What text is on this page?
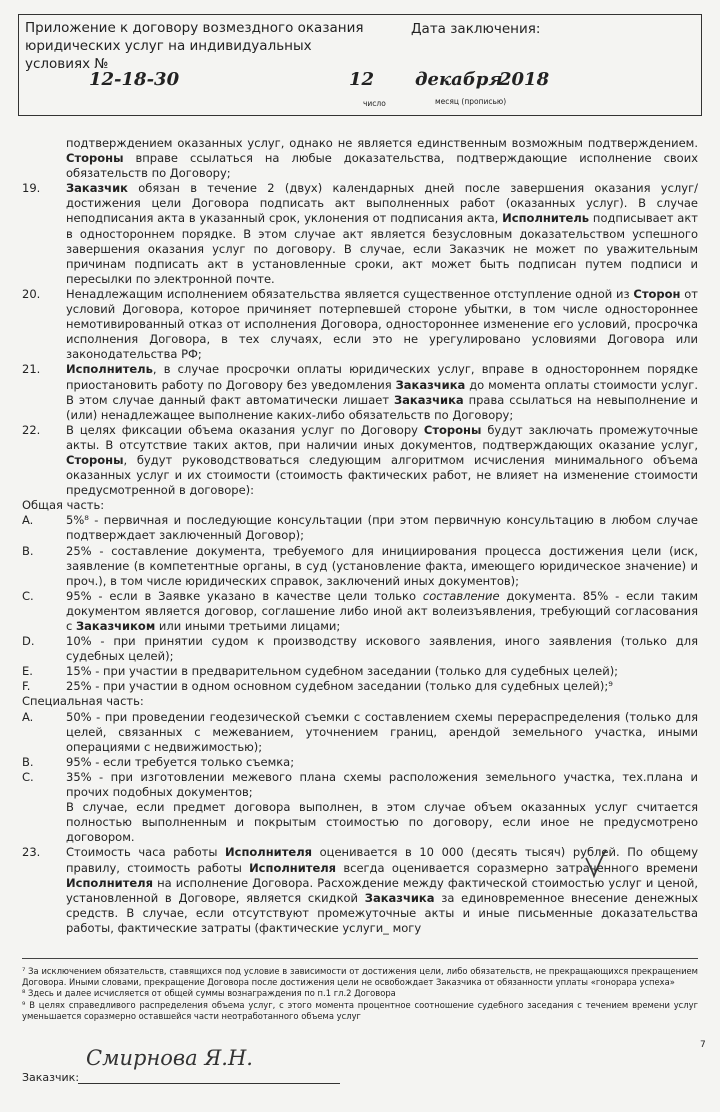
Приложение к договору возмездного оказания юридических услуг на индивидуальных условиях №
Дата заключения:
12-18-30	12 декабря
2018
число	месяц (прописью)
подтверждением оказанных услуг, однако не является единственным возможным подтверждением. Стороны вправе ссылаться на любые доказательства, подтверждающие исполнение своих обязательств по Договору;
19.	Заказчик обязан в течение 2 (двух) календарных дней после завершения оказания услуг/достижения цели Договора подписать акт выполненных работ (оказанных услуг). В случае неподписания акта в указанный срок, уклонения от подписания акта, Исполнитель подписывает акт в одностороннем порядке. В этом случае акт является безусловным доказательством успешного завершения оказания услуг по договору. В случае, если Заказчик не может по уважительным причинам подписать акт в установленные сроки, акт может быть подписан путем подписи и пересылки по электронной почте.
20.	Ненадлежащим исполнением обязательства является существенное отступление одной из Сторон от условий Договора, которое причиняет потерпевшей стороне убытки, в том числе одностороннее немотивированный отказ от исполнения Договора, одностороннее изменение его условий, просрочка исполнения Договора, в тех случаях, если это не урегулировано условиями Договора или законодательства РФ;
21.	Исполнитель, в случае просрочки оплаты юридических услуг, вправе в одностороннем порядке приостановить работу по Договору без уведомления Заказчика до момента оплаты стоимости услуг. В этом случае данный факт автоматически лишает Заказчика права ссылаться на невыполнение и (или) ненадлежащее выполнение каких-либо обязательств по Договору;
22.	В целях фиксации объема оказания услуг по Договору Стороны будут заключать промежуточные акты. В отсутствие таких актов, при наличии иных документов, подтверждающих оказание услуг, Стороны, будут руководствоваться следующим алгоритмом исчисления минимального объема оказанных услуг и их стоимости (стоимость фактических работ, не влияет на изменение стоимости предусмотренной в договоре):
Общая часть:
A.	5%⁸ - первичная и последующие консультации (при этом первичную консультацию в любом случае подтверждает заключенный Договор);
B.	25% - составление документа, требуемого для инициирования процесса достижения цели (иск, заявление (в компетентные органы, в суд (установление факта, имеющего юридическое значение) и проч.), в том числе юридических справок, заключений иных документов);
C.	95% - если в Заявке указано в качестве цели только составление документа. 85% - если таким документом является договор, соглашение либо иной акт волеизъявления, требующий согласования с Заказчиком или иными третьими лицами;
D.	10% - при принятии судом к производству искового заявления, иного заявления (только для судебных целей);
E.	15% - при участии в предварительном судебном заседании (только для судебных целей);
F.	25% - при участии в одном основном судебном заседании (только для судебных целей);⁹
Специальная часть:
A.	50% - при проведении геодезической съемки с составлением схемы перераспределения (только для целей, связанных с межеванием, уточнением границ, арендой земельного участка, иными операциями с недвижимостью);
B.	95% - если требуется только съемка;
C.	35% - при изготовлении межевого плана схемы расположения земельного участка, тех.плана и прочих подобных документов;
В случае, если предмет договора выполнен, в этом случае объем оказанных услуг считается полностью выполненным и покрытым стоимостью по договору, если иное не предусмотрено договором.
23.	Стоимость часа работы Исполнителя оценивается в 10 000 (десять тысяч) рублей. По общему правилу, стоимость работы Исполнителя всегда оценивается соразмерно затраченного времени Исполнителя на исполнение Договора. Расхождение между фактической стоимостью услуг и ценой, установленной в Договоре, является скидкой Заказчика за единовременное внесение денежных средств. В случае, если отсутствуют промежуточные акты и иные письменные доказательства работы, фактические затраты (фактические услуги_ могу

⁷ За исключением обязательств, ставящихся под условие в зависимости от достижения цели, либо обязательств, не прекращающихся прекращением Договора. Иными словами, прекращение Договора после достижения цели не освобождает Заказчика от обязанности уплаты «гонорара успеха»

⁸ Здесь и далее исчисляется от общей суммы вознаграждения по п.1 гл.2 Договора

⁹ В целях справедливого распределения объема услуг, с этого момента процентное соотношение судебного заседания с течением времени услуг уменьшается соразмерно оставшейся части неотработанного объема услуг

7
Заказчик:
Смирнова Я.Н.
